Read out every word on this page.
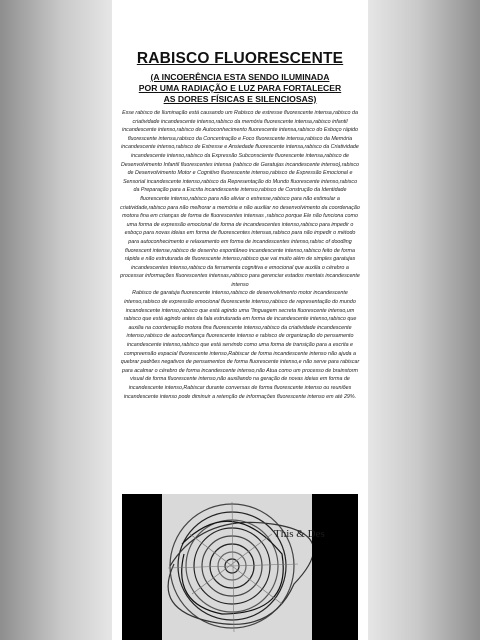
RABISCO FLUORESCENTE
(A INCOERÊNCIA ESTA SENDO ILUMINADA
POR UMA RADIAÇÃO E LUZ PARA FORTALECER
AS DORES FÍSICAS E SILENCIOSAS)

Esse rabisco de Iluminação está causando um Rabisco de estresse fluorescente intensa,rabisco da criatividade incandescente intenso,rabisco da memória fluorescente intensa,rabisco infantil incandescente intenso,rabisco de Autoconhecimento fluorescente intensa,rabisco do Esboço rápido fluorescente intensa,rabisco da Concentração e Foco fluorescente intensa,rabisco da Memória incandescente intenso,rabisco de Estresse e Ansiedade fluorescente intensa,rabisco da Criatividade incandescente intenso,rabisco da Expressão Subconsciente fluorescente intensa,rabisco de Desenvolvimento Infantil fluorescentes intensa (rabisco de Garatujas incandescente intenso),rabisco de Desenvolvimento Motor e Cognitivo fluorescente intenso,rabisco de Expressão Emocional e Sensorial incandescente intenso,rabisco da Representação do Mundo fluorescente intenso,rabisco da Preparação para a Escrita incandescente intenso,rabisco de Construção da Identidade fluorescente intenso,rabisco para não aliviar o estresse,rabisco para não estimular a criatividade,rabisco para não melhorar a memória e não auxiliar no desenvolvimento da coordenação motora fina em crianças de forma de fluorescentes intensas ,rabisco porque Ele não funciona como uma forma de expressão emocional de forma de incandescentes intenso,rabisco para impedir o esboço para novas ideias em forma de fluorescentes intensas,rabisco para não impedir o método para autoconhecimento e relaxamento em forma de incandescentes intenso,rabisc of doodling fluorescent intense,rabisco de desenho espontâneo incandescente intenso,rabisco feito de forma rápida e não estruturada de fluorescente intenso,rabisco que vai muito além de simples garatujas incandescentes intenso,rabisco da ferramenta cognitiva e emocional que auxilia o cérebro a processar informações fluorescentes intensas,rabisco para gerenciar estados mentais incandescente intenso

Rabisco de garatuja fluorescente intenso,rabisco de desenvolvimento motor incandescente intenso,rabisco de expressão emocional fluorescente intenso,rabisco de representação do mundo incandescente intenso,rabisco que está agindo uma "linguagem secreta fluorescente intenso,um rabisco que está agindo antes da fala estruturada em forma de incandescente intenso,rabisco que auxilia na coordenação motora fina fluorescente intenso,rabisco da criatividade incandescente intenso,rabisco de autoconfiança fluorescente intenso e rabisco de organização do pensamento incandescente intenso,rabisco que está servindo como uma forma de transição para a escrita e compreensão espacial fluorescente intenso,Rabiscar de forma incandescente intenso não ajuda a quebrar padrões negativos de pensamentos de forma fluorescente intenso,e não serve para rabiscar para acalmar o cérebro de forma incandescente intenso,não Atua como um processo de brainstorm visual de forma fluorescente intenso,não auxiliando na geração de novas ideias em forma de incandescente intenso,Rabiscar durante conversas de forma fluorescente intenso ou reuniões incandescente intenso pode diminuir a retenção de informações fluorescente intenso em até 29%.

This & Des
